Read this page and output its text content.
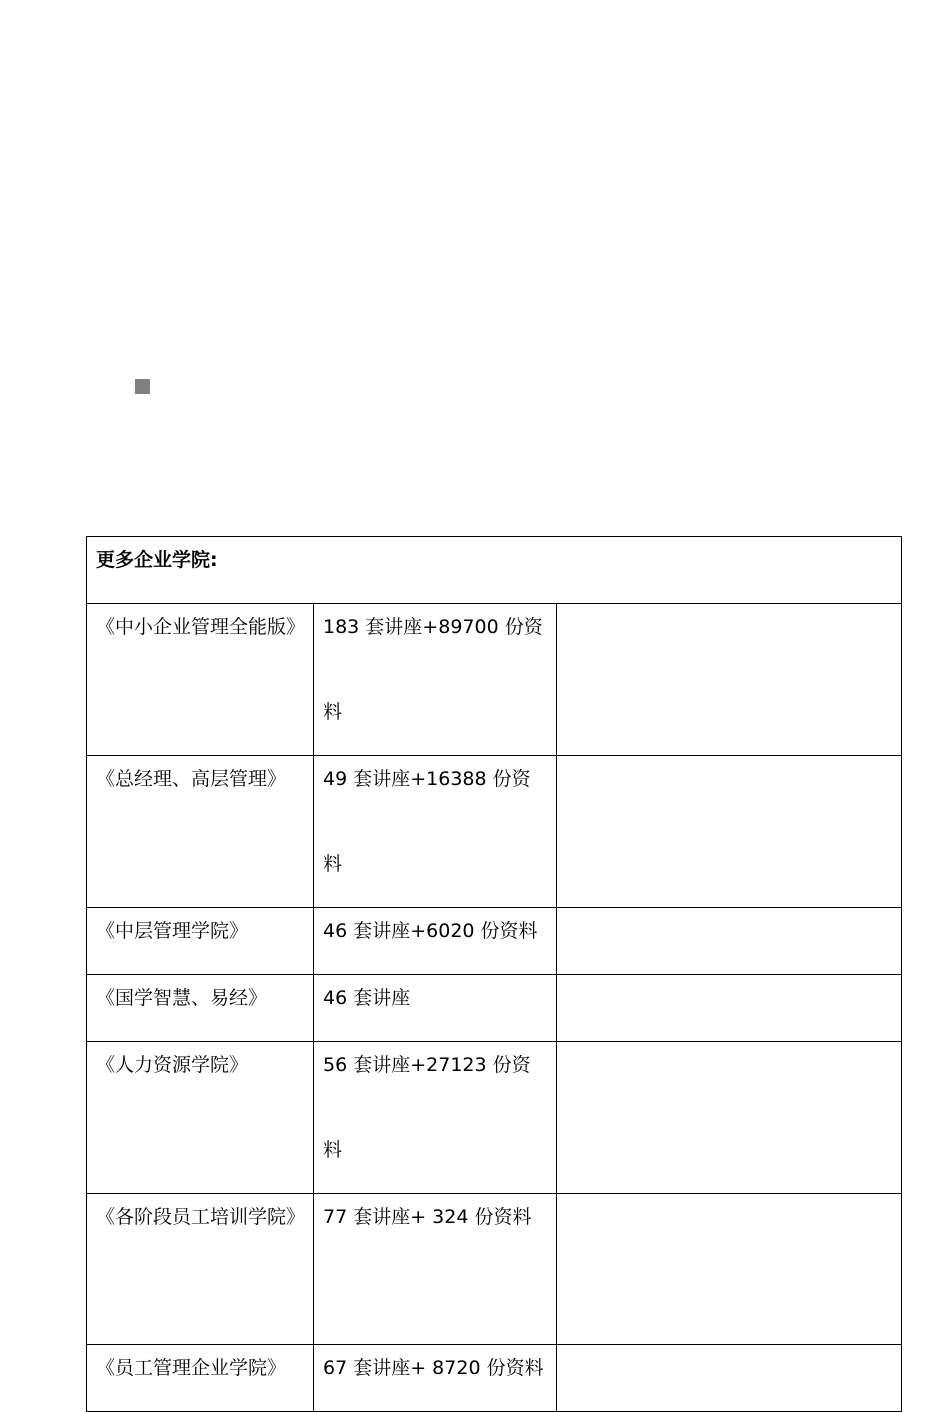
更多企业学院:		

《中小企业管理全能版》	183 套讲座+89700 份资料	

《总经理、高层管理》	49 套讲座+16388 份资料	

《中层管理学院》	46 套讲座+6020 份资料	

《国学智慧、易经》	46 套讲座	

《人力资源学院》	56 套讲座+27123 份资料	

《各阶段员工培训学院》	77 套讲座+ 324 份资料	

《员工管理企业学院》	67 套讲座+ 8720 份资料	
